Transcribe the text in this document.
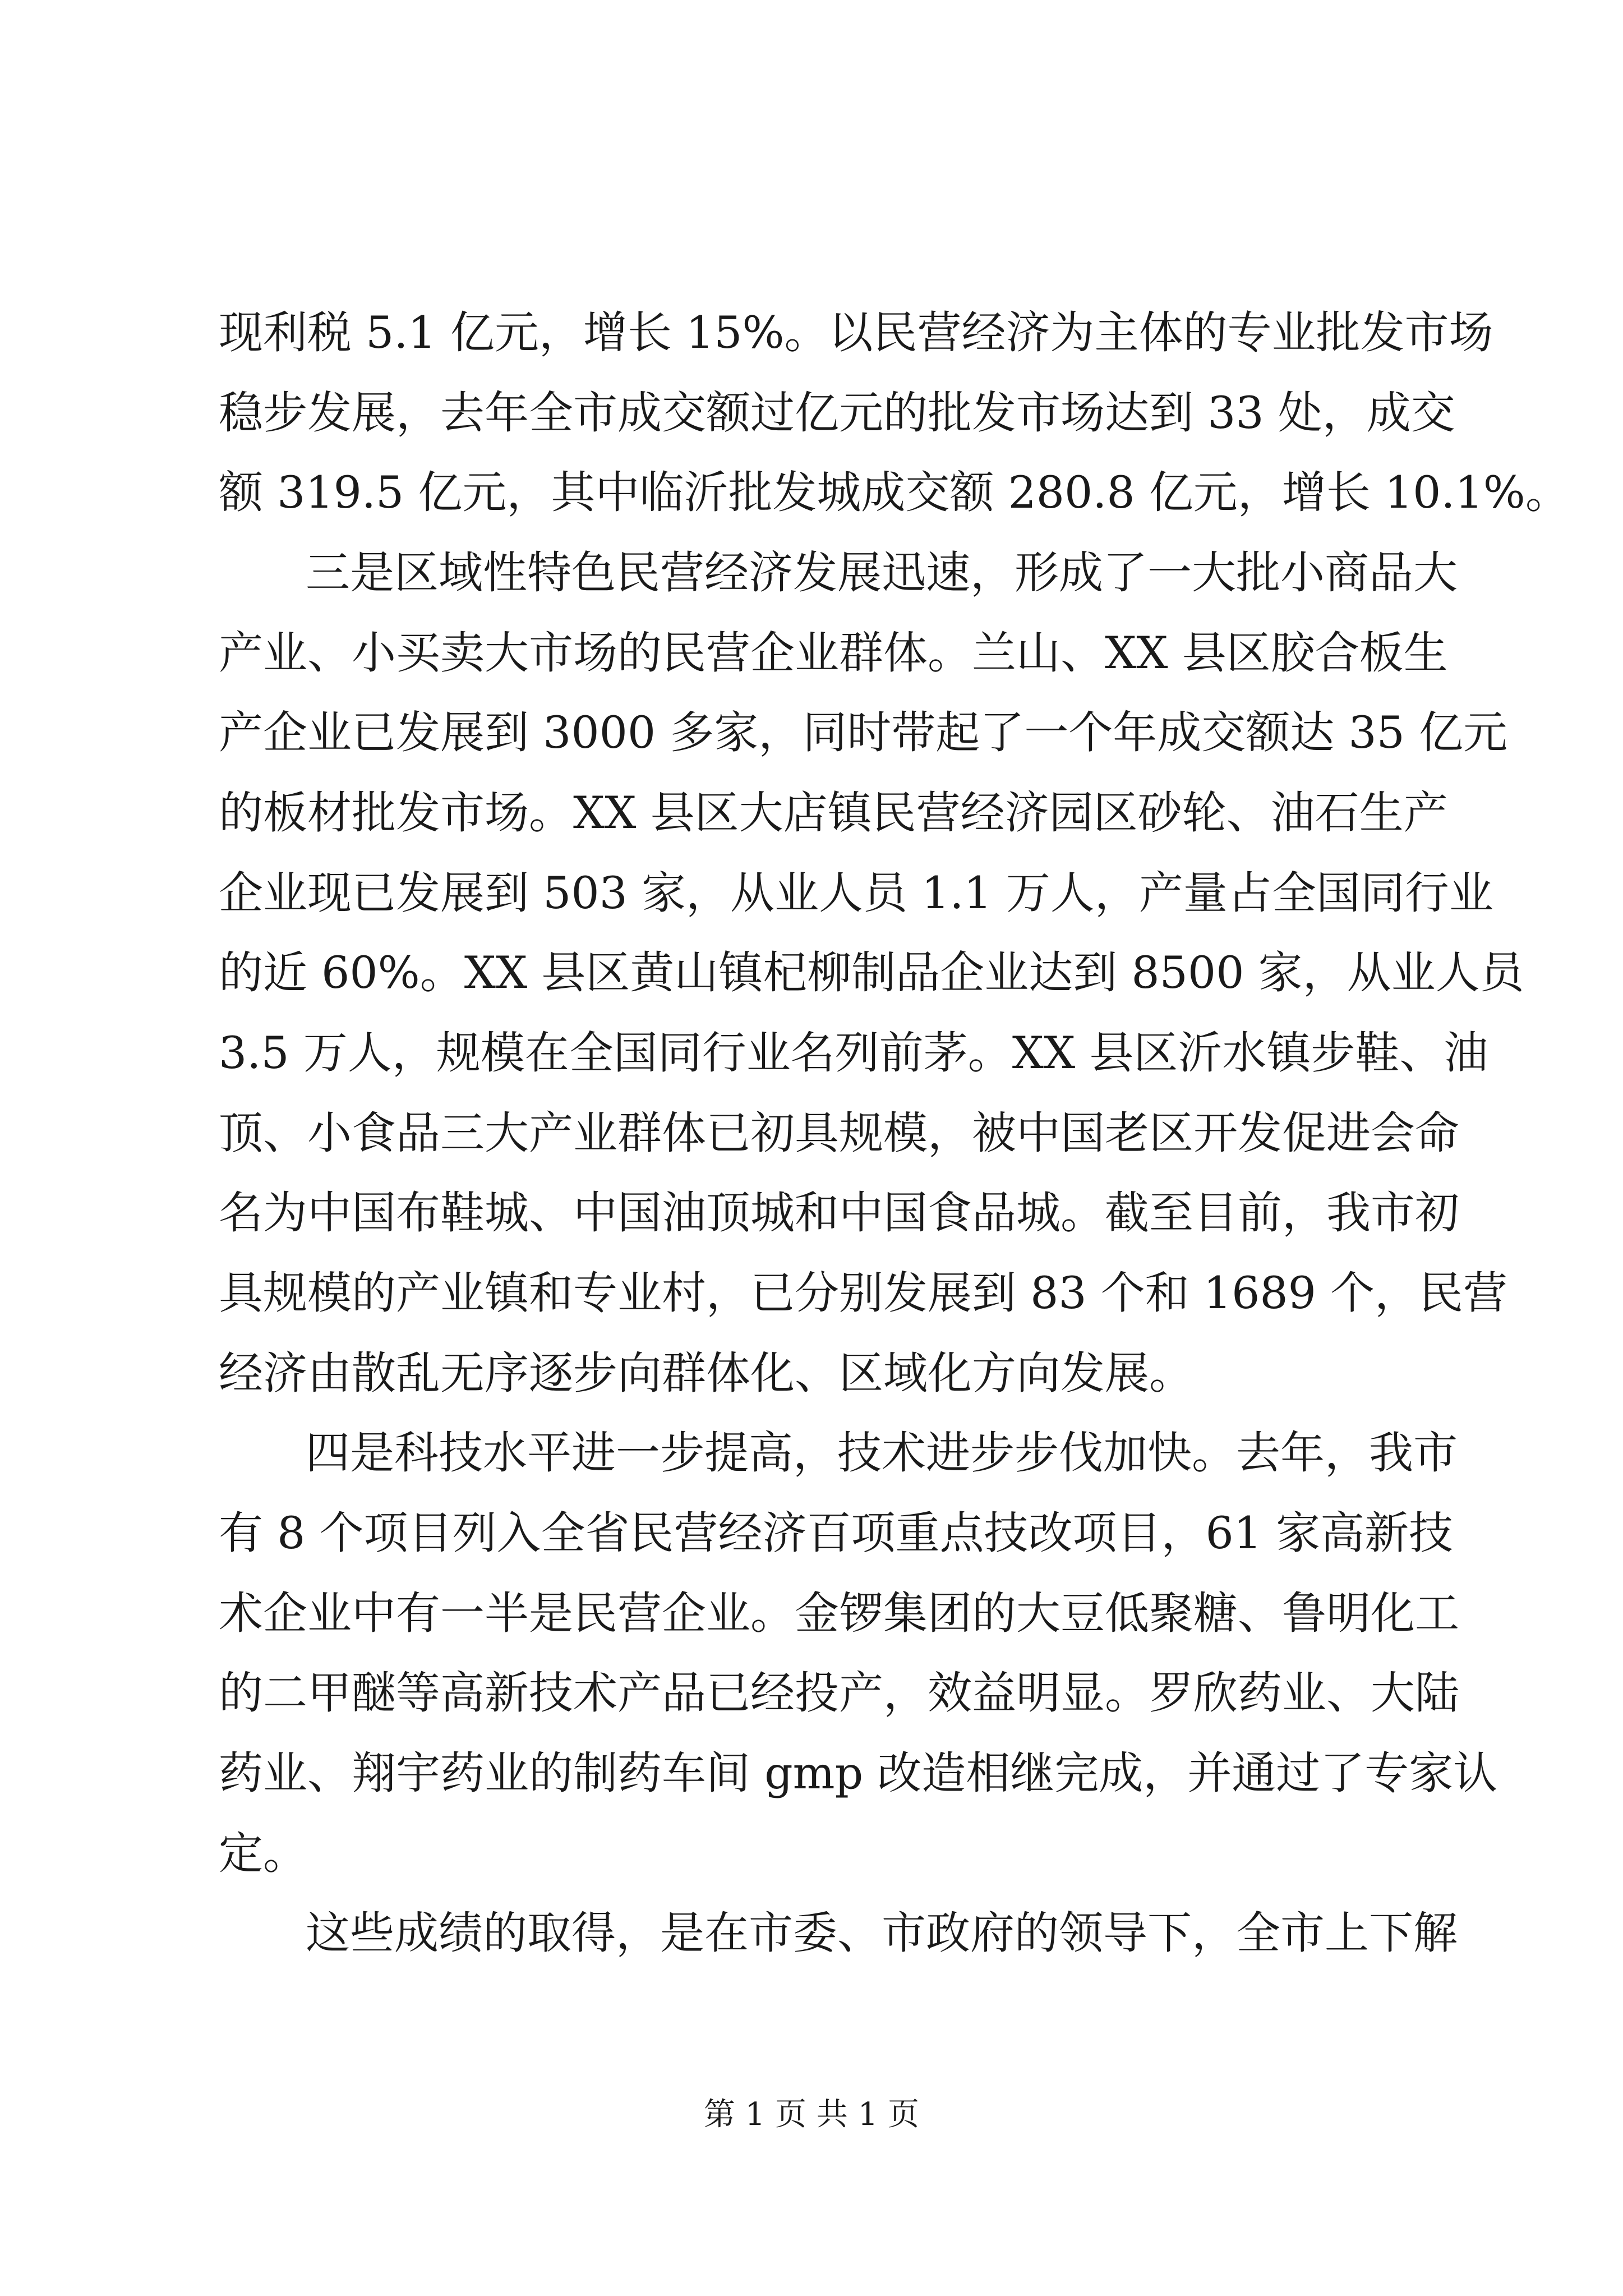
现利税 5.1 亿元，增长 15%。以民营经济为主体的专业批发市场
稳步发展，去年全市成交额过亿元的批发市场达到 33 处，成交
额 319.5 亿元，其中临沂批发城成交额 280.8 亿元，增长 10.1%。
三是区域性特色民营经济发展迅速，形成了一大批小商品大
产业、小买卖大市场的民营企业群体。兰山、XX 县区胶合板生
产企业已发展到 3000 多家，同时带起了一个年成交额达 35 亿元
的板材批发市场。XX 县区大店镇民营经济园区砂轮、油石生产
企业现已发展到 503 家，从业人员 1.1 万人，产量占全国同行业
的近 60%。XX 县区黄山镇杞柳制品企业达到 8500 家，从业人员
3.5 万人，规模在全国同行业名列前茅。XX 县区沂水镇步鞋、油
顶、小食品三大产业群体已初具规模，被中国老区开发促进会命
名为中国布鞋城、中国油顶城和中国食品城。截至目前，我市初
具规模的产业镇和专业村，已分别发展到 83 个和 1689 个，民营
经济由散乱无序逐步向群体化、区域化方向发展。
四是科技水平进一步提高，技术进步步伐加快。去年，我市
有 8 个项目列入全省民营经济百项重点技改项目，61 家高新技
术企业中有一半是民营企业。金锣集团的大豆低聚糖、鲁明化工
的二甲醚等高新技术产品已经投产，效益明显。罗欣药业、大陆
药业、翔宇药业的制药车间 gmp 改造相继完成，并通过了专家认
定。
这些成绩的取得，是在市委、市政府的领导下，全市上下解
第 1 页 共 1 页
